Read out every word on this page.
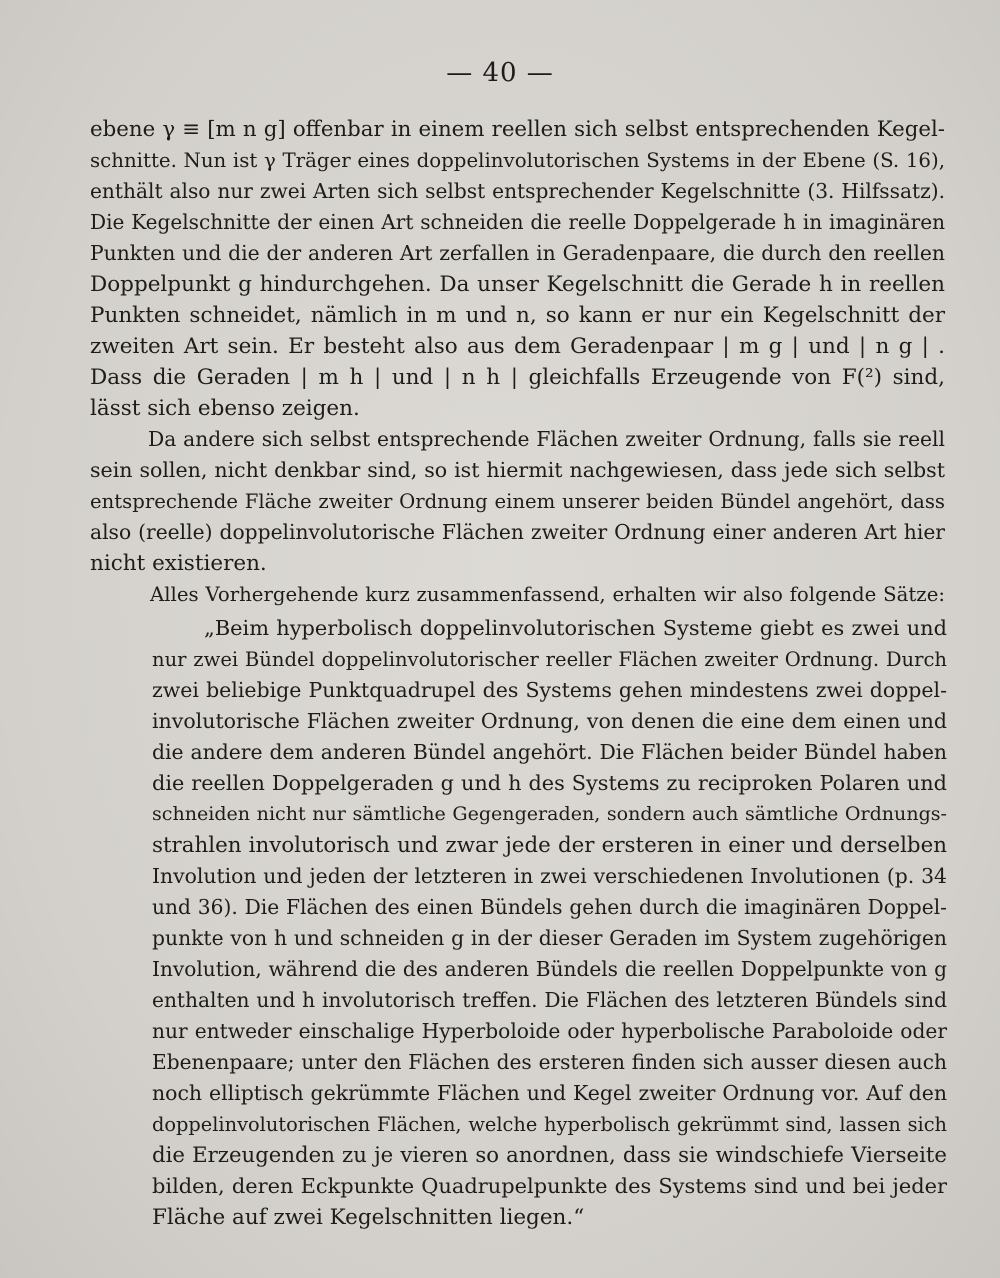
— 40 —
ebene γ ≡ [m n g] offenbar in einem reellen sich selbst entsprechenden Kegel-
schnitte. Nun ist γ Träger eines doppelinvolutorischen Systems in der Ebene (S. 16),
enthält also nur zwei Arten sich selbst entsprechender Kegelschnitte (3. Hilfssatz).
Die Kegelschnitte der einen Art schneiden die reelle Doppelgerade h in imaginären
Punkten und die der anderen Art zerfallen in Geradenpaare, die durch den reellen
Doppelpunkt g hindurchgehen. Da unser Kegelschnitt die Gerade h in reellen
Punkten schneidet, nämlich in m und n, so kann er nur ein Kegelschnitt der
zweiten Art sein. Er besteht also aus dem Geradenpaar | m g | und | n g | .
Dass die Geraden | m h | und | n h | gleichfalls Erzeugende von F(²) sind,
lässt sich ebenso zeigen.
Da andere sich selbst entsprechende Flächen zweiter Ordnung, falls sie reell
sein sollen, nicht denkbar sind, so ist hiermit nachgewiesen, dass jede sich selbst
entsprechende Fläche zweiter Ordnung einem unserer beiden Bündel angehört, dass
also (reelle) doppelinvolutorische Flächen zweiter Ordnung einer anderen Art hier
nicht existieren.
Alles Vorhergehende kurz zusammenfassend, erhalten wir also folgende Sätze:
„Beim hyperbolisch doppelinvolutorischen Systeme giebt es zwei und
nur zwei Bündel doppelinvolutorischer reeller Flächen zweiter Ordnung. Durch
zwei beliebige Punktquadrupel des Systems gehen mindestens zwei doppel-
involutorische Flächen zweiter Ordnung, von denen die eine dem einen und
die andere dem anderen Bündel angehört. Die Flächen beider Bündel haben
die reellen Doppelgeraden g und h des Systems zu reciproken Polaren und
schneiden nicht nur sämtliche Gegengeraden, sondern auch sämtliche Ordnungs-
strahlen involutorisch und zwar jede der ersteren in einer und derselben
Involution und jeden der letzteren in zwei verschiedenen Involutionen (p. 34
und 36). Die Flächen des einen Bündels gehen durch die imaginären Doppel-
punkte von h und schneiden g in der dieser Geraden im System zugehörigen
Involution, während die des anderen Bündels die reellen Doppelpunkte von g
enthalten und h involutorisch treffen. Die Flächen des letzteren Bündels sind
nur entweder einschalige Hyperboloide oder hyperbolische Paraboloide oder
Ebenenpaare; unter den Flächen des ersteren finden sich ausser diesen auch
noch elliptisch gekrümmte Flächen und Kegel zweiter Ordnung vor. Auf den
doppelinvolutorischen Flächen, welche hyperbolisch gekrümmt sind, lassen sich
die Erzeugenden zu je vieren so anordnen, dass sie windschiefe Vierseite
bilden, deren Eckpunkte Quadrupelpunkte des Systems sind und bei jeder
Fläche auf zwei Kegelschnitten liegen.“
